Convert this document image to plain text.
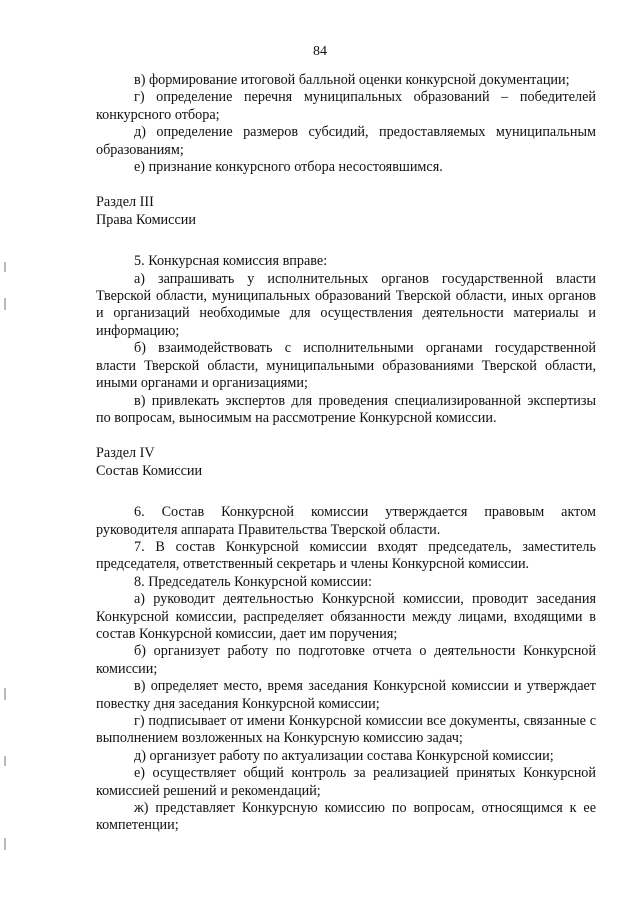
84

в) формирование итоговой балльной оценки конкурсной документации;

г) определение перечня муниципальных образований – победителей конкурсного отбора;

д) определение размеров субсидий, предоставляемых муниципальным образованиям;

е) признание конкурсного отбора несостоявшимся.

Раздел III

Права Комиссии

5. Конкурсная комиссия вправе:

а) запрашивать у исполнительных органов государственной власти Тверской области, муниципальных образований Тверской области, иных органов и организаций необходимые для осуществления деятельности материалы и информацию;

б) взаимодействовать с исполнительными органами государственной власти Тверской области, муниципальными образованиями Тверской области, иными органами и организациями;

в) привлекать экспертов для проведения специализированной экспертизы по вопросам, выносимым на рассмотрение Конкурсной комиссии.

Раздел IV

Состав Комиссии

6. Состав Конкурсной комиссии утверждается правовым актом руководителя аппарата Правительства Тверской области.

7. В состав Конкурсной комиссии входят председатель, заместитель председателя, ответственный секретарь и члены Конкурсной комиссии.

8. Председатель Конкурсной комиссии:

а) руководит деятельностью Конкурсной комиссии, проводит заседания Конкурсной комиссии, распределяет обязанности между лицами, входящими в состав Конкурсной комиссии, дает им поручения;

б) организует работу по подготовке отчета о деятельности Конкурсной комиссии;

в) определяет место, время заседания Конкурсной комиссии и утверждает повестку дня заседания Конкурсной комиссии;

г) подписывает от имени Конкурсной комиссии все документы, связанные с выполнением возложенных на Конкурсную комиссию задач;

д) организует работу по актуализации состава Конкурсной комиссии;

е) осуществляет общий контроль за реализацией принятых Конкурсной комиссией решений и рекомендаций;

ж) представляет Конкурсную комиссию по вопросам, относящимся к ее компетенции;
